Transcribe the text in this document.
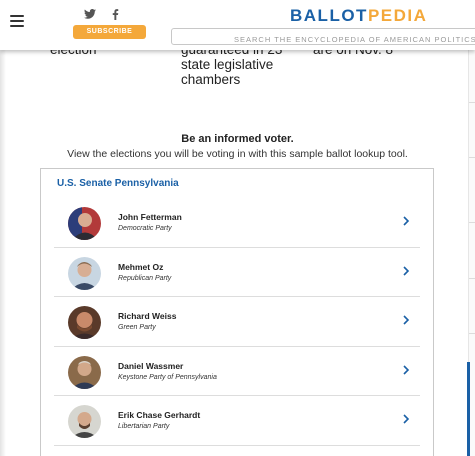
SUBSCRIBE
BALLOTPEDIA
SEARCH THE ENCYCLOPEDIA OF AMERICAN POLITICS
state legislative
chambers
Be an informed voter.
View the elections you will be voting in with this sample ballot lookup tool.
U.S. Senate Pennsylvania
John Fetterman
Democratic Party
Mehmet Oz
Republican Party
Richard Weiss
Green Party
Daniel Wassmer
Keystone Party of Pennsylvania
Erik Chase Gerhardt
Libertarian Party
